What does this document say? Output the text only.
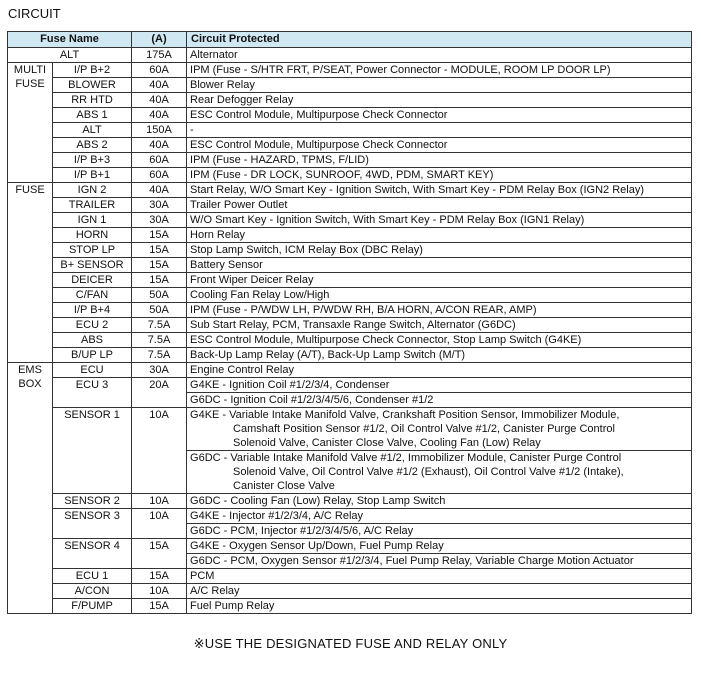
CIRCUIT
Fuse Name		(A)	Circuit Protected
ALT		175A	Alternator
MULTI
FUSE	I/P B+2	60A	IPM (Fuse - S/HTR FRT, P/SEAT, Power Connector - MODULE, ROOM LP DOOR LP)
	BLOWER	40A	Blower Relay
	RR HTD	40A	Rear Defogger Relay
	ABS 1	40A	ESC Control Module, Multipurpose Check Connector
	ALT	150A	-
	ABS 2	40A	ESC Control Module, Multipurpose Check Connector
	I/P B+3	60A	IPM (Fuse - HAZARD, TPMS, F/LID)
	I/P B+1	60A	IPM (Fuse - DR LOCK, SUNROOF, 4WD, PDM, SMART KEY)
FUSE	IGN 2	40A	Start Relay, W/O Smart Key - Ignition Switch, With Smart Key - PDM Relay Box (IGN2 Relay)
	TRAILER	30A	Trailer Power Outlet
	IGN 1	30A	W/O Smart Key - Ignition Switch, With Smart Key - PDM Relay Box (IGN1 Relay)
	HORN	15A	Horn Relay
	STOP LP	15A	Stop Lamp Switch, ICM Relay Box (DBC Relay)
	B+ SENSOR	15A	Battery Sensor
	DEICER	15A	Front Wiper Deicer Relay
	C/FAN	50A	Cooling Fan Relay Low/High
	I/P B+4	50A	IPM (Fuse - P/WDW LH, P/WDW RH, B/A HORN, A/CON REAR, AMP)
	ECU 2	7.5A	Sub Start Relay, PCM, Transaxle Range Switch, Alternator (G6DC)
	ABS	7.5A	ESC Control Module, Multipurpose Check Connector, Stop Lamp Switch (G4KE)
	B/UP LP	7.5A	Back-Up Lamp Relay (A/T), Back-Up Lamp Switch (M/T)
EMS
BOX	ECU	30A	Engine Control Relay
	ECU 3	20A	G4KE - Ignition Coil #1/2/3/4, Condenser
			G6DC - Ignition Coil #1/2/3/4/5/6, Condenser #1/2
	SENSOR 1	10A	G4KE - Variable Intake Manifold Valve, Crankshaft Position Sensor, Immobilizer Module,
Camshaft Position Sensor #1/2, Oil Control Valve #1/2, Canister Purge Control
Solenoid Valve, Canister Close Valve, Cooling Fan (Low) Relay

			G6DC - Variable Intake Manifold Valve #1/2, Immobilizer Module, Canister Purge Control
Solenoid Valve, Oil Control Valve #1/2 (Exhaust), Oil Control Valve #1/2 (Intake),
Canister Close Valve

	SENSOR 2	10A	G6DC - Cooling Fan (Low) Relay, Stop Lamp Switch
	SENSOR 3	10A	G4KE - Injector #1/2/3/4, A/C Relay
			G6DC - PCM, Injector #1/2/3/4/5/6, A/C Relay
	SENSOR 4	15A	G4KE - Oxygen Sensor Up/Down, Fuel Pump Relay
			G6DC - PCM, Oxygen Sensor #1/2/3/4, Fuel Pump Relay, Variable Charge Motion Actuator
	ECU 1	15A	PCM
	A/CON	10A	A/C Relay
	F/PUMP	15A	Fuel Pump Relay
※USE THE DESIGNATED FUSE AND RELAY ONLY
